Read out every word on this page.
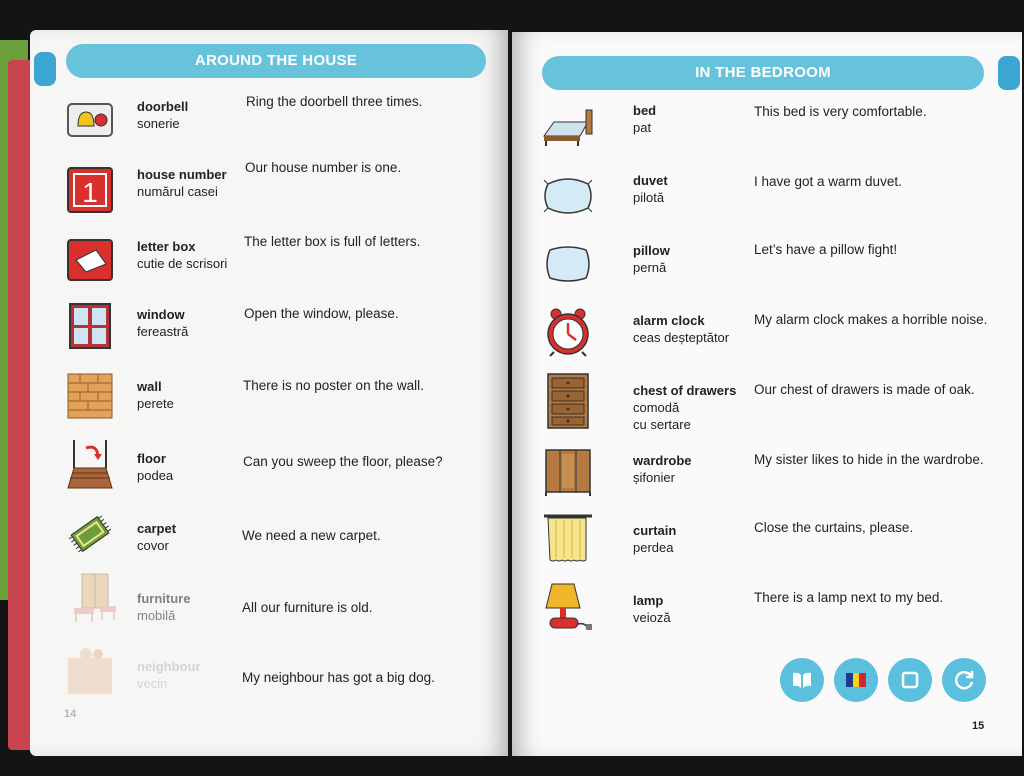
AROUND THE HOUSE
doorbell
sonerie
Ring the doorbell three times.
1
house number
numărul casei
Our house number is one.
letter box
cutie de scrisori
The letter box is full of letters.
window
fereastră
Open the window, please.
wall
perete
There is no poster on the wall.
floor
podea
Can you sweep the floor, please?
carpet
covor
We need a new carpet.
furniture
mobilă
All our furniture is old.
neighbour
vecin	My neighbour has got a big dog.
14
IN THE BEDROOM
bed
pat
This bed is very comfortable.
duvet
pilotă
I have got a warm duvet.
pillow
pernă
Let’s have a pillow fight!
alarm clock
ceas deșteptător
My alarm clock makes a horrible noise.
chest of drawers
comodă
cu sertare
Our chest of drawers is made of oak.
wardrobe
șifonier
My sister likes to hide in the wardrobe.
curtain
perdea
Close the curtains, please.
lamp
veioză
There is a lamp next to my bed.
15
